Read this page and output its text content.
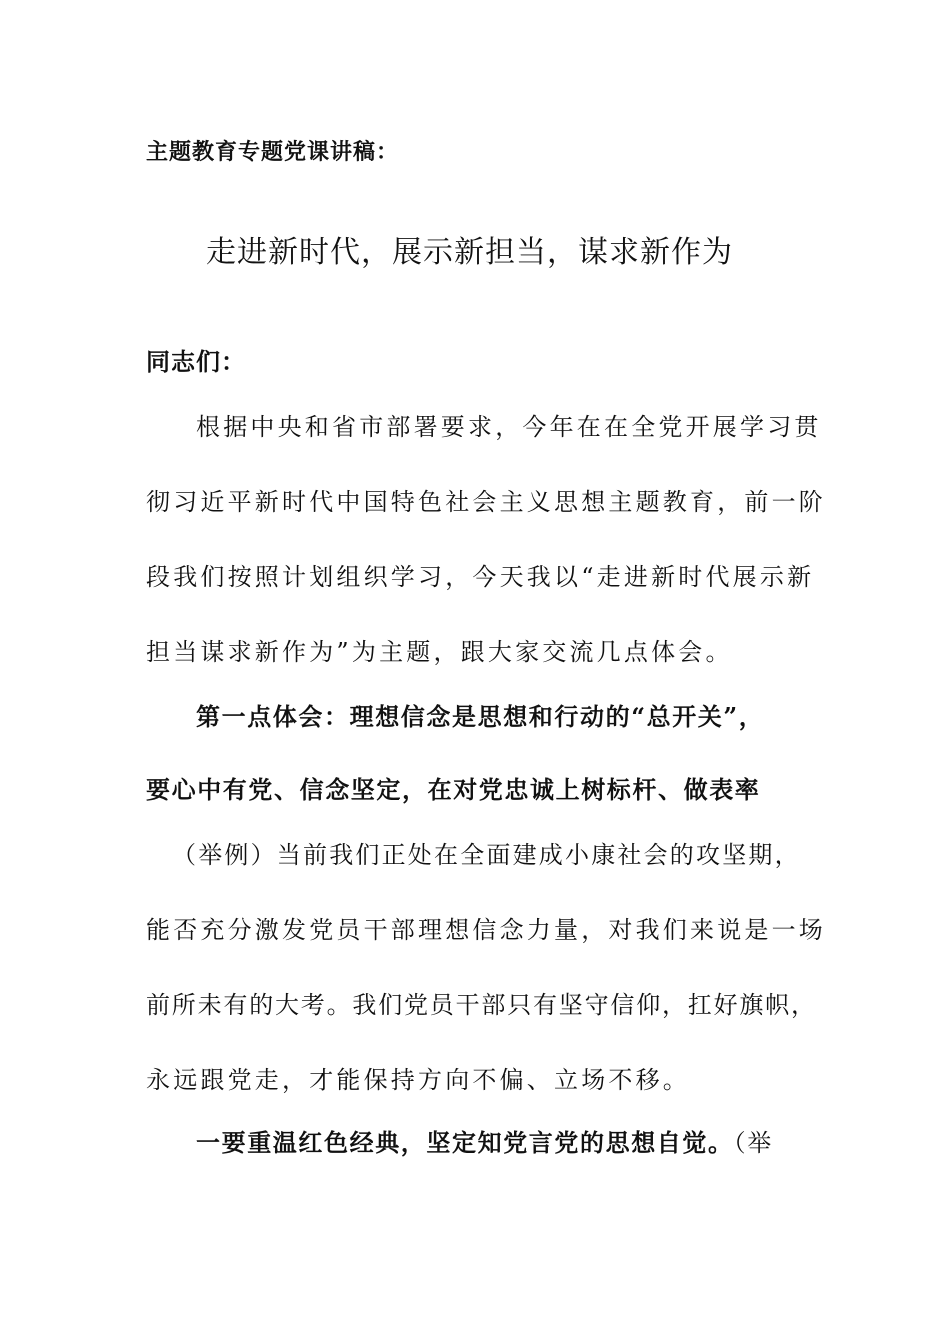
主题教育专题党课讲稿：

走进新时代，展示新担当，谋求新作为

同志们：

根据中央和省市部署要求，今年在在全党开展学习贯

彻习近平新时代中国特色社会主义思想主题教育，前一阶

段我们按照计划组织学习，今天我以“走进新时代展示新

担当谋求新作为”为主题，跟大家交流几点体会。

第一点体会：理想信念是思想和行动的“总开关”，

要心中有党、信念坚定，在对党忠诚上树标杆、做表率

（举例）当前我们正处在全面建成小康社会的攻坚期，

能否充分激发党员干部理想信念力量，对我们来说是一场

前所未有的大考。我们党员干部只有坚守信仰，扛好旗帜，

永远跟党走，才能保持方向不偏、立场不移。

一要重温红色经典，坚定知党言党的思想自觉。（举
